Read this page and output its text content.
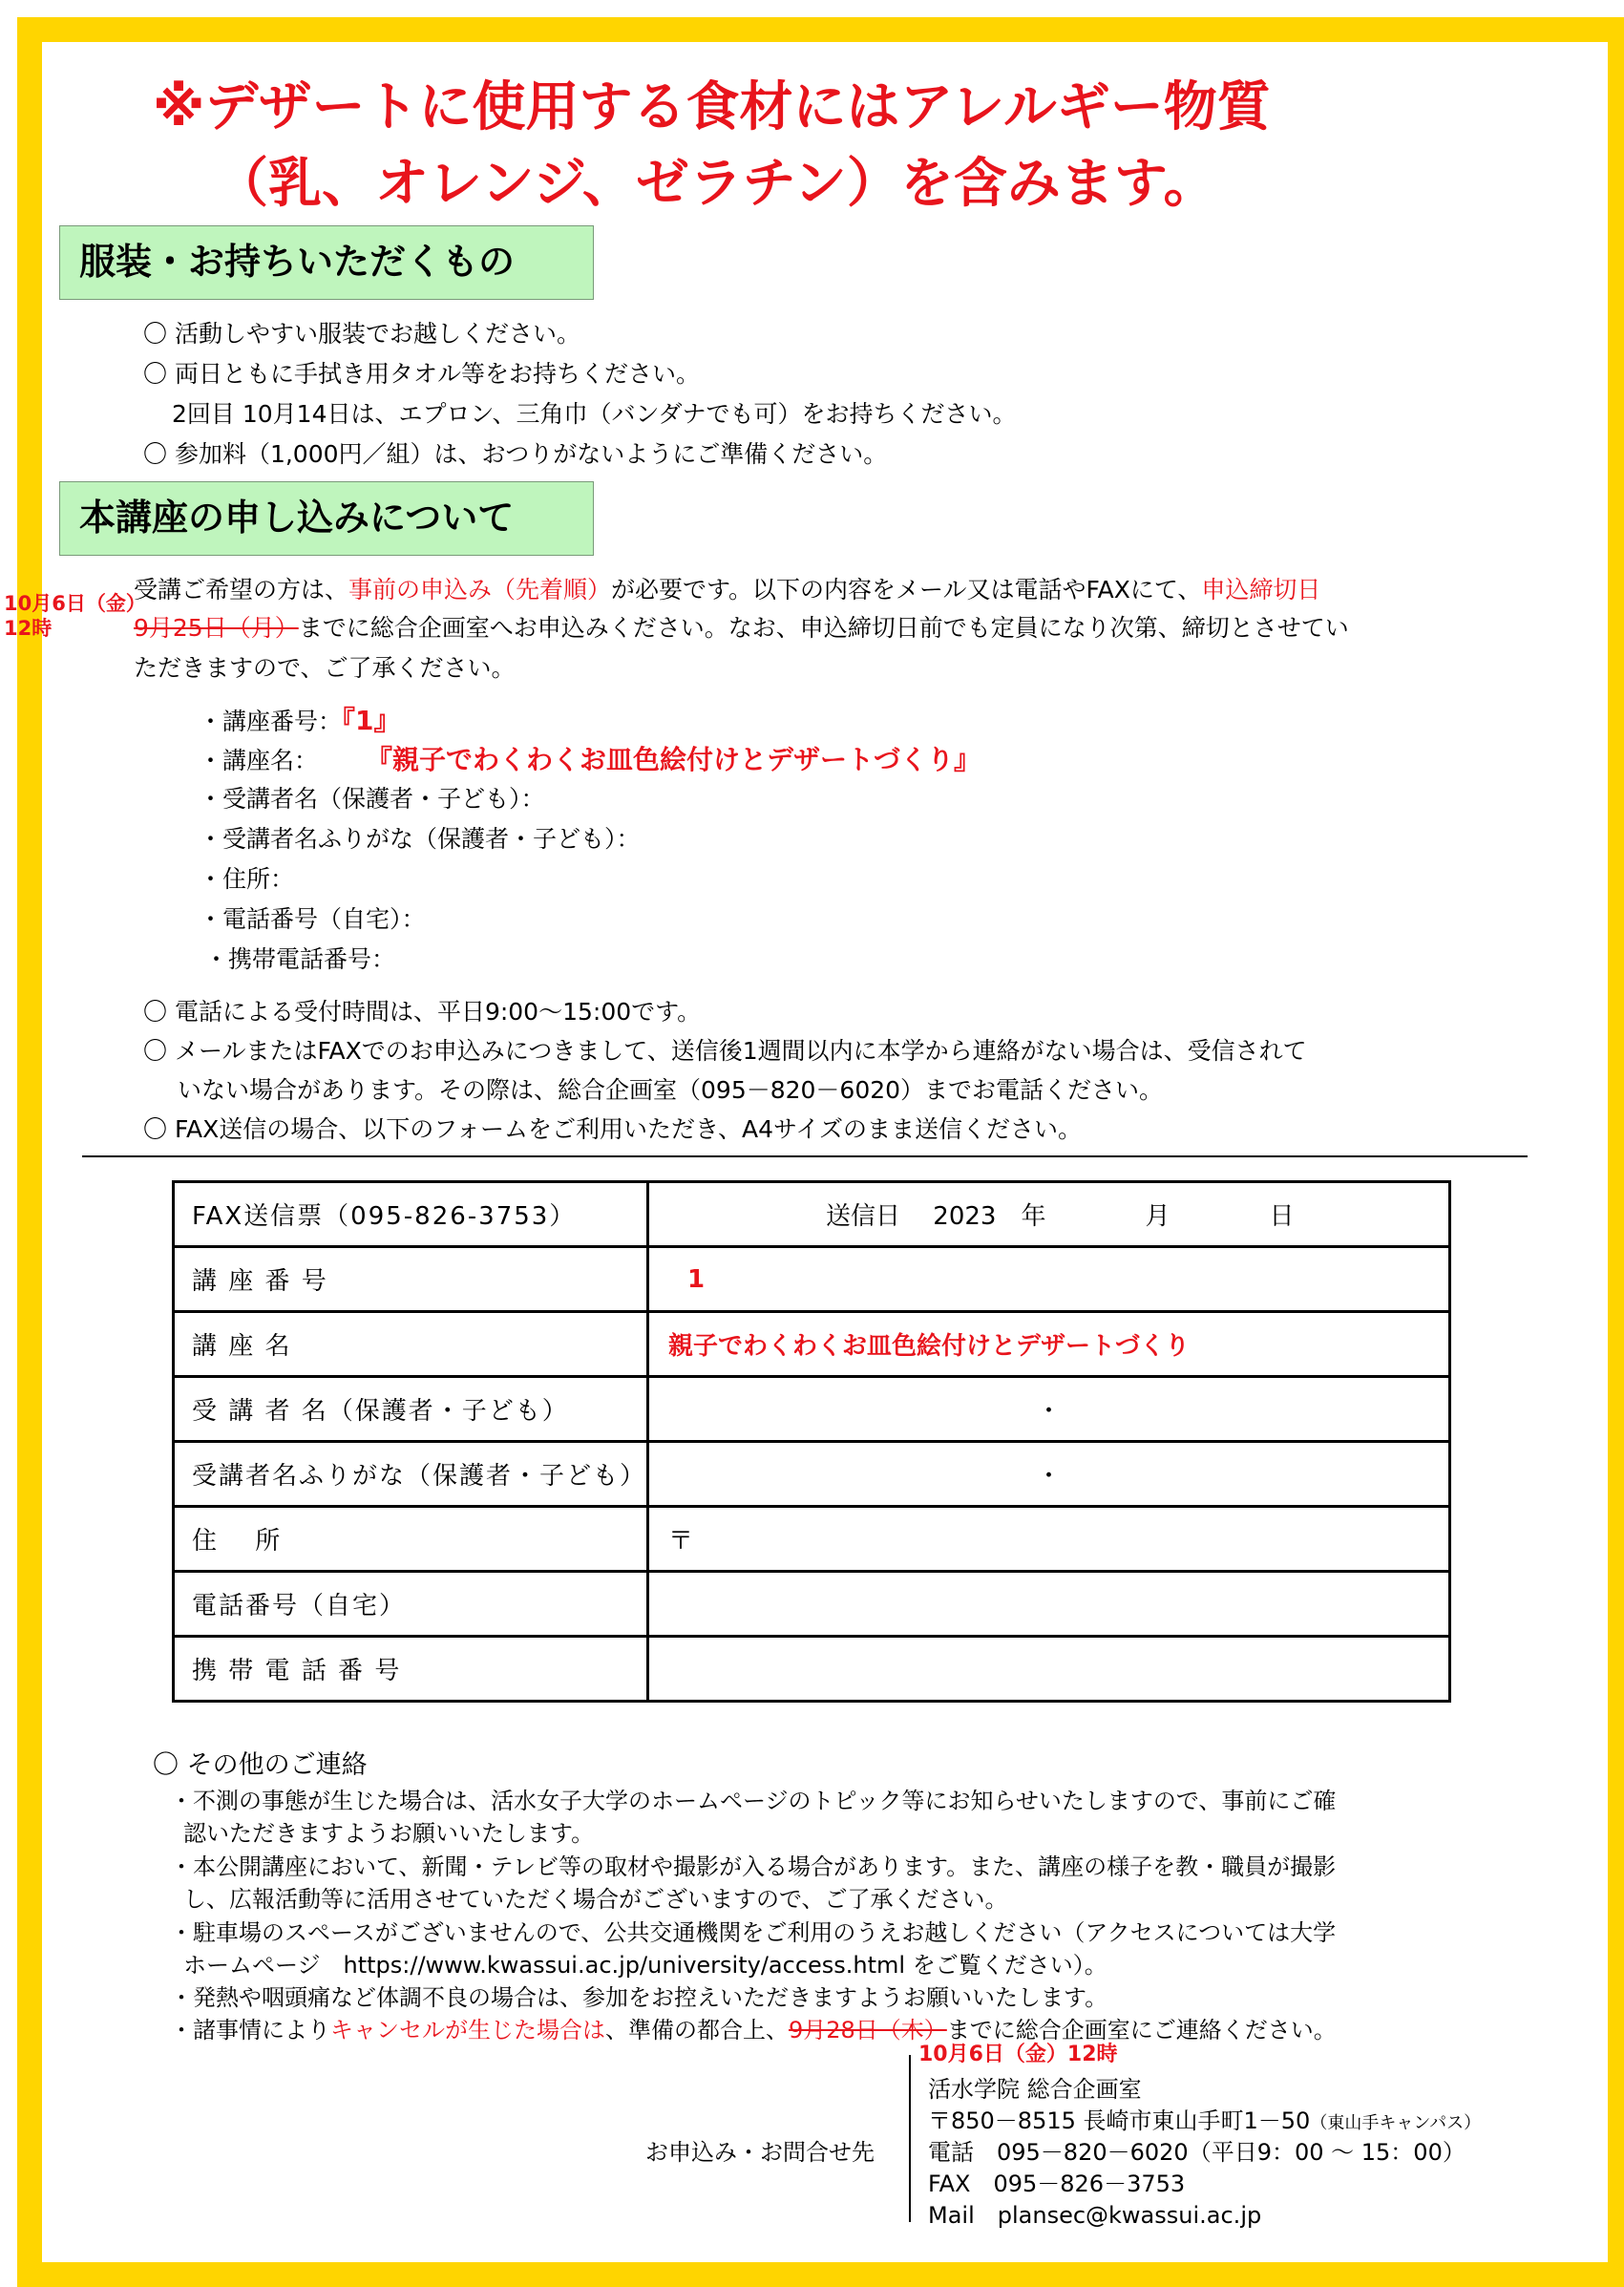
※デザートに使用する食材にはアレルギー物質
（乳、オレンジ、ゼラチン）を含みます。
服装・お持ちいただくもの
〇 活動しやすい服装でお越しください。
〇 両日ともに手拭き用タオル等をお持ちください。
2回目 10月14日は、エプロン、三角巾（バンダナでも可）をお持ちください。
〇 参加料（1,000円／組）は、おつりがないようにご準備ください。
本講座の申し込みについて
10月6日（金）
12時
受講ご希望の方は、事前の申込み（先着順）が必要です。以下の内容をメール又は電話やFAXにて、申込締切日
9月25日（月）までに総合企画室へお申込みください。なお、申込締切日前でも定員になり次第、締切とさせてい
ただきますので、ご了承ください。
・講座番号：『1』
・講座名： 『親子でわくわくお皿色絵付けとデザートづくり』
・受講者名（保護者・子ども）：
・受講者名ふりがな（保護者・子ども）：
・住所：
・電話番号（自宅）：
・携帯電話番号：
〇 電話による受付時間は、平日9:00〜15:00です。
〇 メールまたはFAXでのお申込みにつきまして、送信後1週間以内に本学から連絡がない場合は、受信されて
いない場合があります。その際は、総合企画室（095－820－6020）までお電話ください。
〇 FAX送信の場合、以下のフォームをご利用いただき、A4サイズのまま送信ください。
FAX送信票（095-826-3753）	送信日　 2023　年　　　　月　　　　日
講 座 番 号	1
講 座 名	親子でわくわくお皿色絵付けとデザートづくり
受 講 者 名（保護者・子ども）	・
受講者名ふりがな（保護者・子ども）	・
住　 所	〒
電話番号（自宅）	
携 帯 電 話 番 号	
〇 その他のご連絡
・不測の事態が生じた場合は、活水女子大学のホームページのトピック等にお知らせいたしますので、事前にご確
認いただきますようお願いいたします。
・本公開講座において、新聞・テレビ等の取材や撮影が入る場合があります。また、講座の様子を教・職員が撮影
し、広報活動等に活用させていただく場合がございますので、ご了承ください。
・駐車場のスペースがございませんので、公共交通機関をご利用のうえお越しください（アクセスについては大学
ホームページ　https://www.kwassui.ac.jp/university/access.html をご覧ください）。
・発熱や咽頭痛など体調不良の場合は、参加をお控えいただきますようお願いいたします。
・諸事情によりキャンセルが生じた場合は、準備の都合上、9月28日（木）までに総合企画室にご連絡ください。
10月6日（金）12時
お申込み・お問合せ先
活水学院 総合企画室
〒850－8515 長崎市東山手町1－50（東山手キャンパス）
電話　095－820－6020（平日9：00 〜 15：00）
FAX　095－826－3753
Mail　plansec@kwassui.ac.jp
